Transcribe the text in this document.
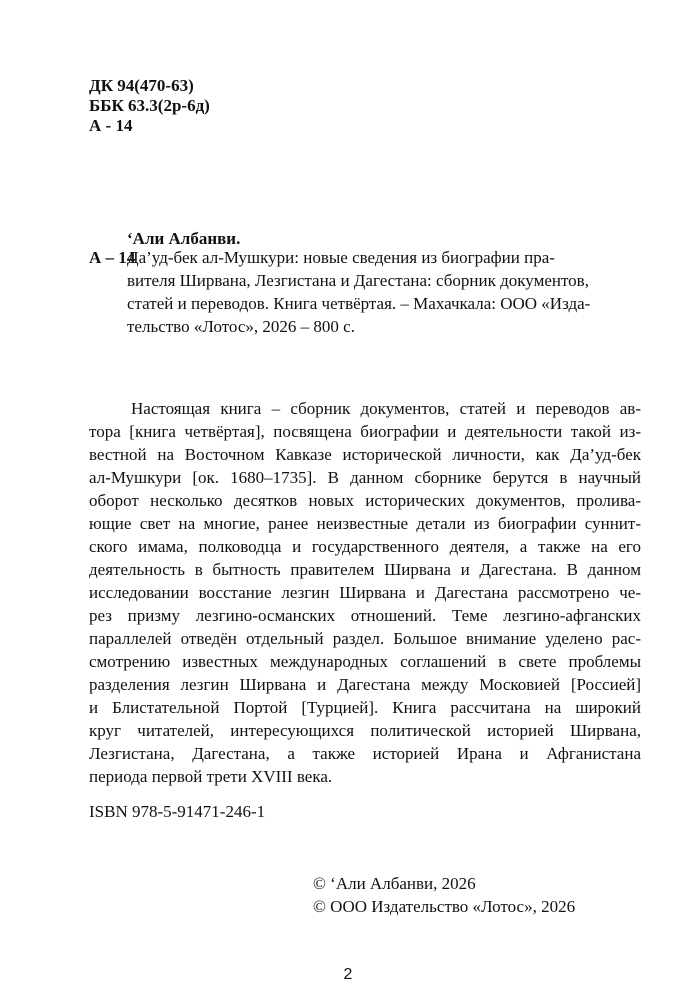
ДК 94(470-63)
ББК 63.3(2р-6д)
А - 14
‘Али Албанви.
А – 14
Да’уд-бек ал-Мушкури: новые сведения из биографии пра-
вителя Ширвана, Лезгистана и Дагестана: сборник документов,
статей и переводов. Книга четвёртая. – Махачкала: ООО «Изда-
тельство «Лотос», 2026 – 800 с.
Настоящая книга – сборник документов, статей и переводов ав-
тора [книга четвёртая], посвящена биографии и деятельности такой из-
вестной на Восточном Кавказе исторической личности, как Да’уд-бек
ал-Мушкури [ок. 1680–1735]. В данном сборнике берутся в научный
оборот несколько десятков новых исторических документов, пролива-
ющие свет на многие, ранее неизвестные детали из биографии суннит-
ского имама, полководца и государственного деятеля, а также на его
деятельность в бытность правителем Ширвана и Дагестана. В данном
исследовании восстание лезгин Ширвана и Дагестана рассмотрено че-
рез призму лезгино-османских отношений. Теме лезгино-афганских
параллелей отведён отдельный раздел. Большое внимание уделено рас-
смотрению известных международных соглашений в свете проблемы
разделения лезгин Ширвана и Дагестана между Московией [Россией]
и Блистательной Портой [Турцией]. Книга рассчитана на широкий
круг читателей, интересующихся политической историей Ширвана,
Лезгистана, Дагестана, а также историей Ирана и Афганистана
периода первой трети XVIII века.
ISBN 978-5-91471-246-1
© ‘Али Албанви, 2026
© ООО Издательство «Лотос», 2026
2
